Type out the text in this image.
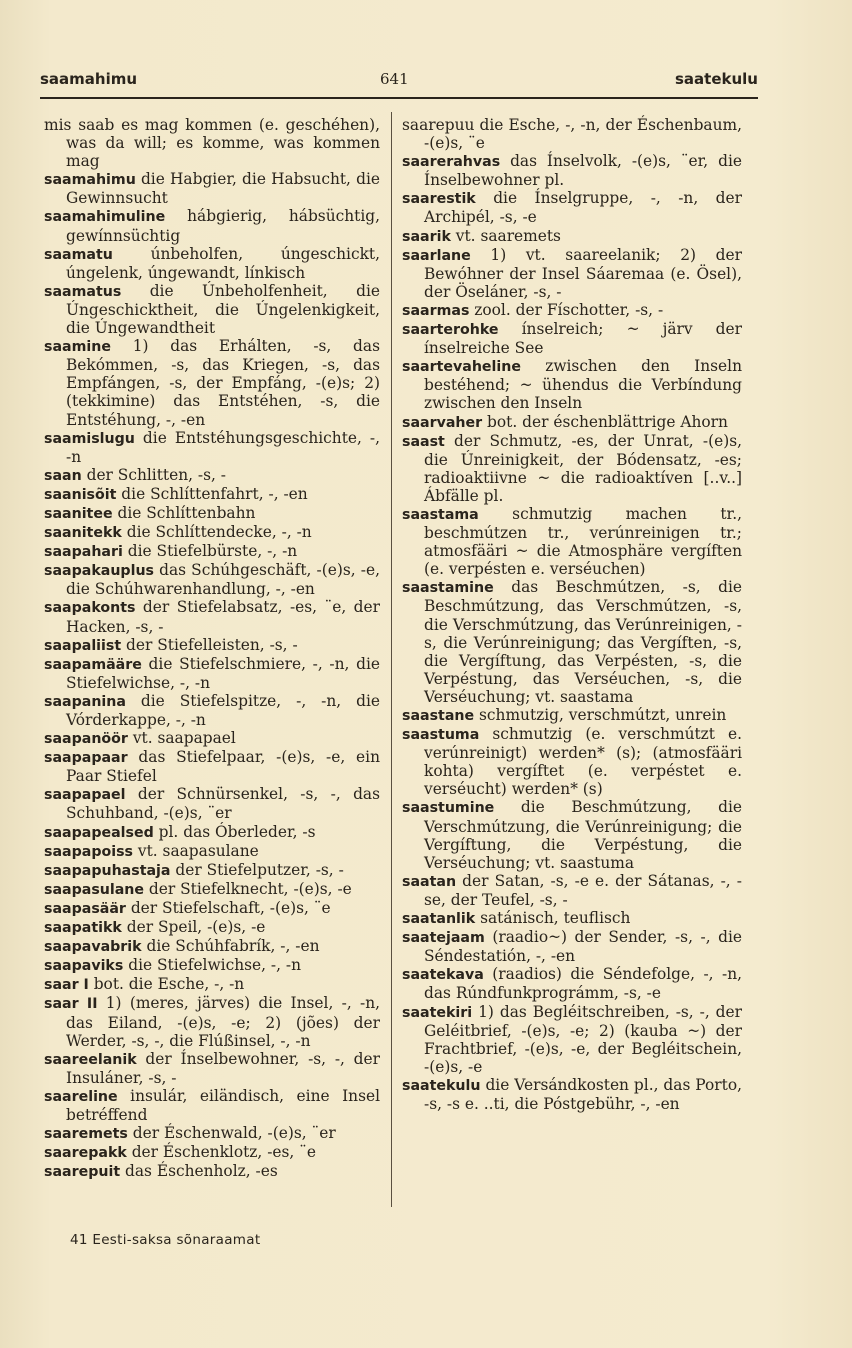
saamahimu	641	saatekulu

mis saab es mag kommen (e. geschéhen), was da will; es komme, was kommen mag

saamahimu die Habgier, die Habsucht, die Gewinnsucht

saamahimuline hábgierig, hábsüchtig, gewínnsüchtig

saamatu únbeholfen, úngeschickt, úngelenk, úngewandt, línkisch

saamatus die Únbeholfenheit, die Úngeschicktheit, die Úngelenkigkeit, die Úngewandtheit

saamine 1) das Erhálten, -s, das Bekómmen, -s, das Kriegen, -s, das Empfángen, -s, der Empfáng, -(e)s; 2) (tekkimine) das Entstéhen, -s, die Entstéhung, -, -en

saamislugu die Entstéhungsgeschichte, -, -n

saan der Schlitten, -s, -

saanisõit die Schlíttenfahrt, -, -en

saanitee die Schlíttenbahn

saanitekk die Schlíttendecke, -, -n

saapahari die Stiefelbürste, -, -n

saapakauplus das Schúhgeschäft, -(e)s, -e, die Schúhwarenhandlung, -, -en

saapakonts der Stiefelabsatz, -es, ¨e, der Hacken, -s, -

saapaliist der Stiefelleisten, -s, -

saapamääre die Stiefelschmiere, -, -n, die Stiefelwichse, -, -n

saapanina die Stiefelspitze, -, -n, die Vórderkappe, -, -n

saapanöör vt. saapapael

saapapaar das Stiefelpaar, -(e)s, -e, ein Paar Stiefel

saapapael der Schnürsenkel, -s, -, das Schuhband, -(e)s, ¨er

saapapealsed pl. das Óberleder, -s

saapapoiss vt. saapasulane

saapapuhastaja der Stiefelputzer, -s, -

saapasulane der Stiefelknecht, -(e)s, -e

saapasäär der Stiefelschaft, -(e)s, ¨e

saapatikk der Speil, -(e)s, -e

saapavabrik die Schúhfabrík, -, -en

saapaviks die Stiefelwichse, -, -n

saar I bot. die Esche, -, -n

saar II 1) (meres, järves) die Insel, -, -n, das Eiland, -(e)s, -e; 2) (jões) der Werder, -s, -, die Flúßinsel, -, -n

saareelanik der Ínselbewohner, -s, -, der Insuláner, -s, -

saareline insulár, eiländisch, eine Insel betréffend

saaremets der Éschenwald, -(e)s, ¨er

saarepakk der Éschenklotz, -es, ¨e

saarepuit das Éschenholz, -es

saarepuu die Esche, -, -n, der Éschenbaum, -(e)s, ¨e

saarerahvas das Ínselvolk, -(e)s, ¨er, die Ínselbewohner pl.

saarestik die Ínselgruppe, -, -n, der Archipél, -s, -e

saarik vt. saaremets

saarlane 1) vt. saareelanik; 2) der Bewóhner der Insel Sáaremaa (e. Ösel), der Öseláner, -s, -

saarmas zool. der Físchotter, -s, -

saarterohke ínselreich; ~ järv der ínselreiche See

saartevaheline zwischen den Inseln bestéhend; ~ ühendus die Verbíndung zwischen den Inseln

saarvaher bot. der éschenblättrige Ahorn

saast der Schmutz, -es, der Unrat, -(e)s, die Únreinigkeit, der Bódensatz, -es; radioaktiivne ~ die radioaktíven [..v..] Ábfälle pl.

saastama schmutzig machen tr., beschmútzen tr., verúnreinigen tr.; atmosfääri ~ die Atmosphäre vergíften (e. verpésten e. verséuchen)

saastamine das Beschmútzen, -s, die Beschmútzung, das Verschmútzen, -s, die Verschmútzung, das Verúnreinigen, -s, die Verúnreinigung; das Vergíften, -s, die Vergíftung, das Verpésten, -s, die Verpéstung, das Verséuchen, -s, die Verséuchung; vt. saastama

saastane schmutzig, verschmútzt, unrein

saastuma schmutzig (e. verschmútzt e. verúnreinigt) werden* (s); (atmosfääri kohta) vergíftet (e. verpéstet e. verséucht) werden* (s)

saastumine die Beschmútzung, die Verschmútzung, die Verúnreinigung; die Vergíftung, die Verpéstung, die Verséuchung; vt. saastuma

saatan der Satan, -s, -e e. der Sátanas, -, -se, der Teufel, -s, -

saatanlik satánisch, teuflisch

saatejaam (raadio~) der Sender, -s, -, die Séndestatión, -, -en

saatekava (raadios) die Séndefolge, -, -n, das Rúndfunkprográmm, -s, -e

saatekiri 1) das Begléitschreiben, -s, -, der Geléitbrief, -(e)s, -e; 2) (kauba ~) der Frachtbrief, -(e)s, -e, der Begléitschein, -(e)s, -e

saatekulu die Versándkosten pl., das Porto, -s, -s e. ..ti, die Póstgebühr, -, -en

41 Eesti-saksa sõnaraamat
